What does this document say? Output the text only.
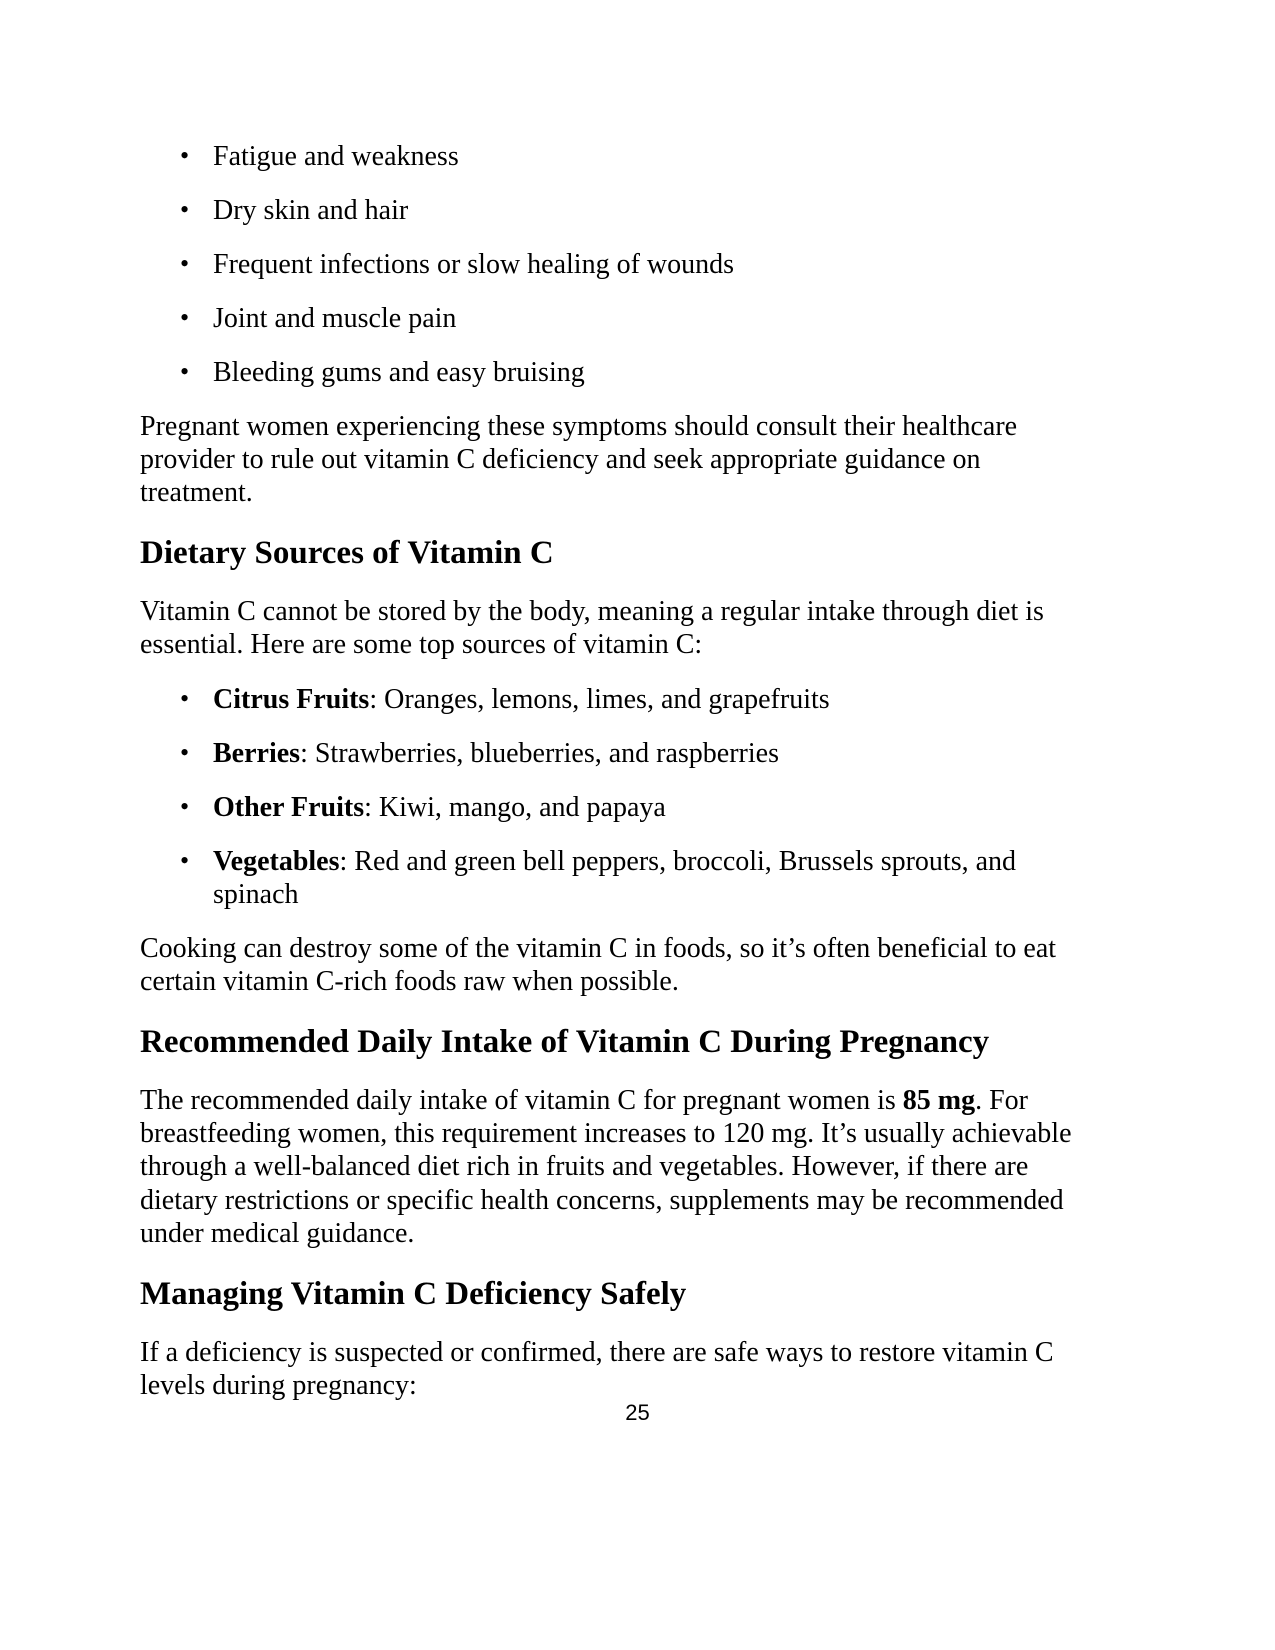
• Fatigue and weakness
• Dry skin and hair
• Frequent infections or slow healing of wounds
• Joint and muscle pain
• Bleeding gums and easy bruising

Pregnant women experiencing these symptoms should consult their healthcare provider to rule out vitamin C deficiency and seek appropriate guidance on treatment.

Dietary Sources of Vitamin C

Vitamin C cannot be stored by the body, meaning a regular intake through diet is essential. Here are some top sources of vitamin C:

• Citrus Fruits: Oranges, lemons, limes, and grapefruits
• Berries: Strawberries, blueberries, and raspberries
• Other Fruits: Kiwi, mango, and papaya
• Vegetables: Red and green bell peppers, broccoli, Brussels sprouts, and spinach

Cooking can destroy some of the vitamin C in foods, so it’s often beneficial to eat certain vitamin C-rich foods raw when possible.

Recommended Daily Intake of Vitamin C During Pregnancy

The recommended daily intake of vitamin C for pregnant women is 85 mg. For breastfeeding women, this requirement increases to 120 mg. It’s usually achievable through a well-balanced diet rich in fruits and vegetables. However, if there are dietary restrictions or specific health concerns, supplements may be recommended under medical guidance.

Managing Vitamin C Deficiency Safely

If a deficiency is suspected or confirmed, there are safe ways to restore vitamin C levels during pregnancy:

25
